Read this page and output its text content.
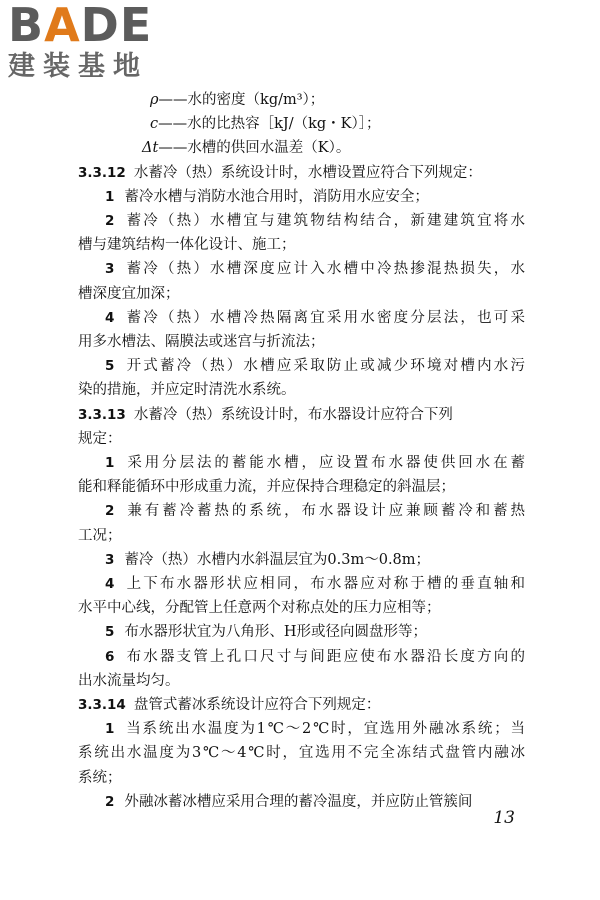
BADE
建装基地
ρ——水的密度（kg/m³）；
c——水的比热容［kJ/（kg・K）］；
Δt——水槽的供回水温差（K）。
3.3.12 水蓄冷（热）系统设计时，水槽设置应符合下列规定：
1 蓄冷水槽与消防水池合用时，消防用水应安全；
2 蓄冷（热）水槽宜与建筑物结构结合，新建建筑宜将水
槽与建筑结构一体化设计、施工；
3 蓄冷（热）水槽深度应计入水槽中冷热掺混热损失，水
槽深度宜加深；
4 蓄冷（热）水槽冷热隔离宜采用水密度分层法，也可采
用多水槽法、隔膜法或迷宫与折流法；
5 开式蓄冷（热）水槽应采取防止或减少环境对槽内水污
染的措施，并应定时清洗水系统。
3.3.13 水蓄冷（热）系统设计时，布水器设计应符合下列
规定：
1 采用分层法的蓄能水槽，应设置布水器使供回水在蓄
能和释能循环中形成重力流，并应保持合理稳定的斜温层；
2 兼有蓄冷蓄热的系统，布水器设计应兼顾蓄冷和蓄热
工况；
3 蓄冷（热）水槽内水斜温层宜为0.3m～0.8m；
4 上下布水器形状应相同，布水器应对称于槽的垂直轴和
水平中心线，分配管上任意两个对称点处的压力应相等；
5 布水器形状宜为八角形、H形或径向圆盘形等；
6 布水器支管上孔口尺寸与间距应使布水器沿长度方向的
出水流量均匀。
3.3.14 盘管式蓄冰系统设计应符合下列规定：
1 当系统出水温度为1℃～2℃时，宜选用外融冰系统；当
系统出水温度为3℃～4℃时，宜选用不完全冻结式盘管内融冰
系统；
2 外融冰蓄冰槽应采用合理的蓄冷温度，并应防止管簇间
13
